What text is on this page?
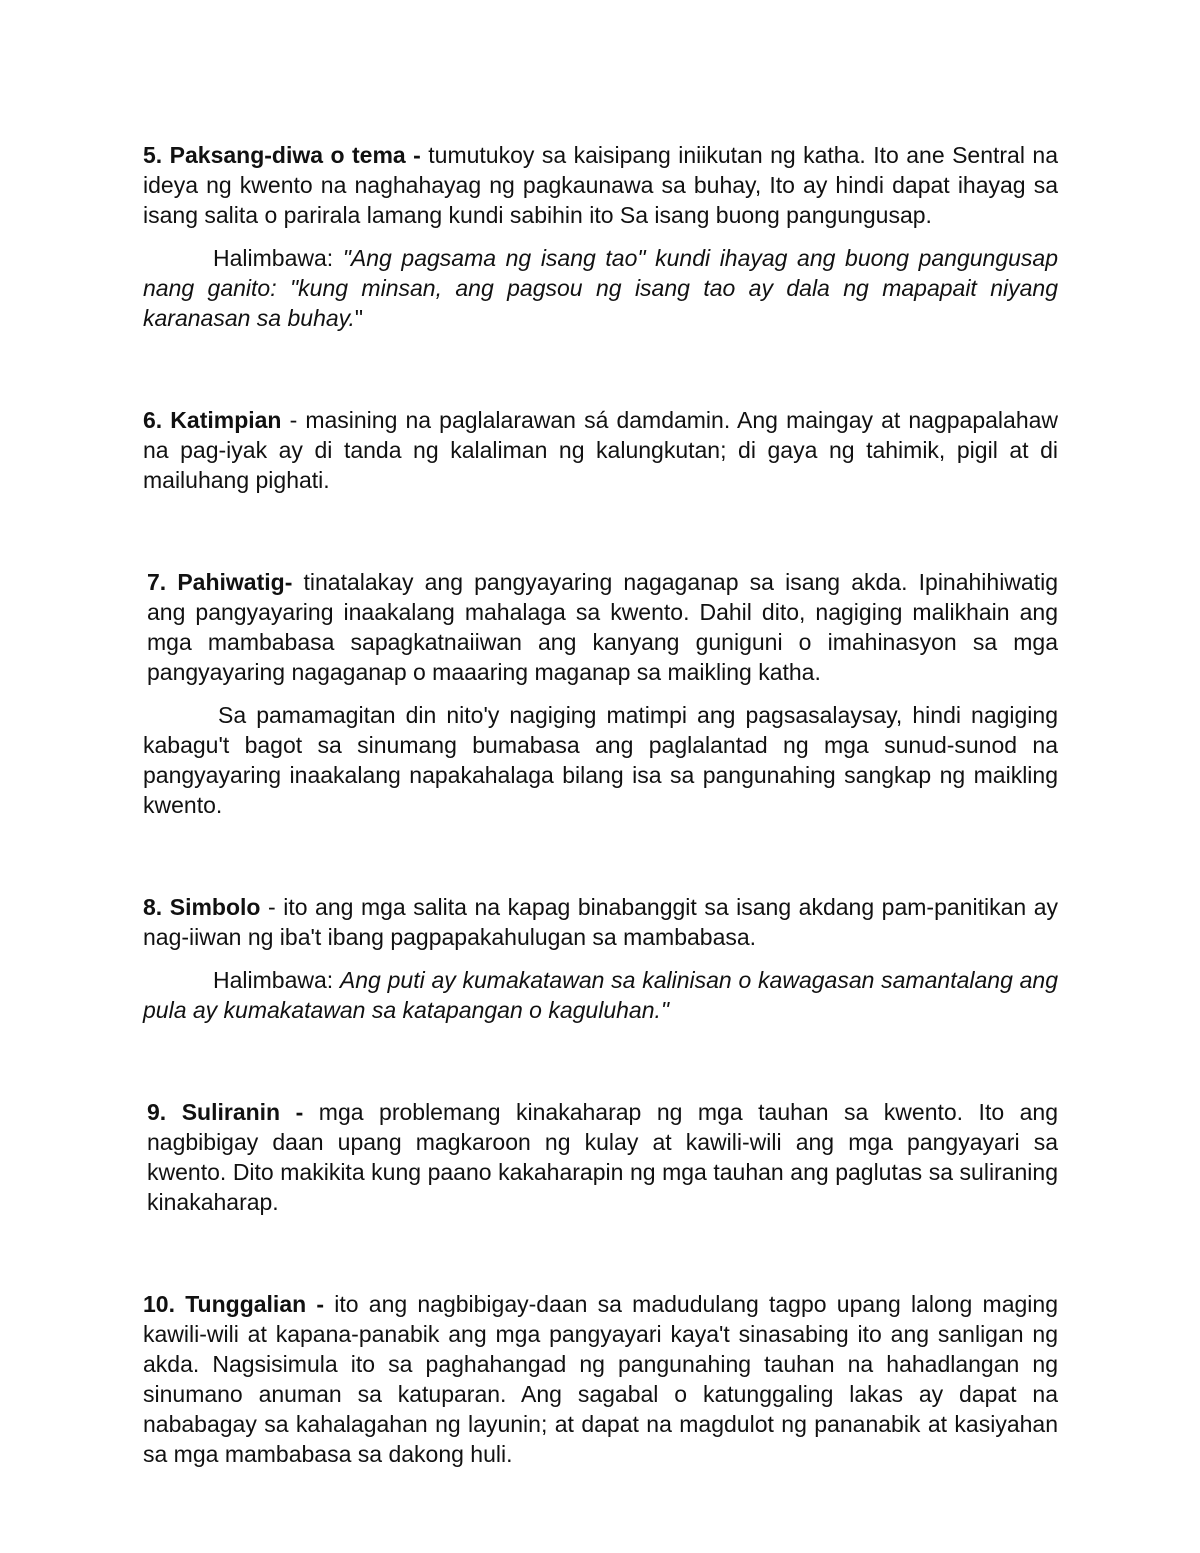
5. Paksang-diwa o tema - tumutukoy sa kaisipang iniikutan ng katha. Ito ane Sentral na ideya ng kwento na naghahayag ng pagkaunawa sa buhay, Ito ay hindi dapat ihayag sa isang salita o parirala lamang kundi sabihin ito Sa isang buong pangungusap.

Halimbawa: "Ang pagsama ng isang tao" kundi ihayag ang buong pangungusap nang ganito: "kung minsan, ang pagsou ng isang tao ay dala ng mapapait niyang karanasan sa buhay."

6. Katimpian - masining na paglalarawan sá damdamin. Ang maingay at nagpapalahaw na pag-iyak ay di tanda ng kalaliman ng kalungkutan; di gaya ng tahimik, pigil at di mailuhang pighati.

7. Pahiwatig- tinatalakay ang pangyayaring nagaganap sa isang akda. Ipinahihiwatig ang pangyayaring inaakalang mahalaga sa kwento. Dahil dito, nagiging malikhain ang mga mambabasa sapagkatnaiiwan ang kanyang guniguni o imahinasyon sa mga pangyayaring nagaganap o maaaring maganap sa maikling katha.

Sa pamamagitan din nito'y nagiging matimpi ang pagsasalaysay, hindi nagiging kabagu't bagot sa sinumang bumabasa ang paglalantad ng mga sunud-sunod na pangyayaring inaakalang napakahalaga bilang isa sa pangunahing sangkap ng maikling kwento.

8. Simbolo - ito ang mga salita na kapag binabanggit sa isang akdang pam-panitikan ay nag-iiwan ng iba't ibang pagpapakahulugan sa mambabasa.

Halimbawa: Ang puti ay kumakatawan sa kalinisan o kawagasan samantalang ang pula ay kumakatawan sa katapangan o kaguluhan."

9. Suliranin - mga problemang kinakaharap ng mga tauhan sa kwento. Ito ang nagbibigay daan upang magkaroon ng kulay at kawili-wili ang mga pangyayari sa kwento. Dito makikita kung paano kakaharapin ng mga tauhan ang paglutas sa suliraning kinakaharap.

10. Tunggalian - ito ang nagbibigay-daan sa madudulang tagpo upang lalong maging kawili-wili at kapana-panabik ang mga pangyayari kaya't sinasabing ito ang sanligan ng akda. Nagsisimula ito sa paghahangad ng pangunahing tauhan na hahadlangan ng sinumano anuman sa katuparan. Ang sagabal o katunggaling lakas ay dapat na nababagay sa kahalagahan ng layunin; at dapat na magdulot ng pananabik at kasiyahan sa mga mambabasa sa dakong huli.
